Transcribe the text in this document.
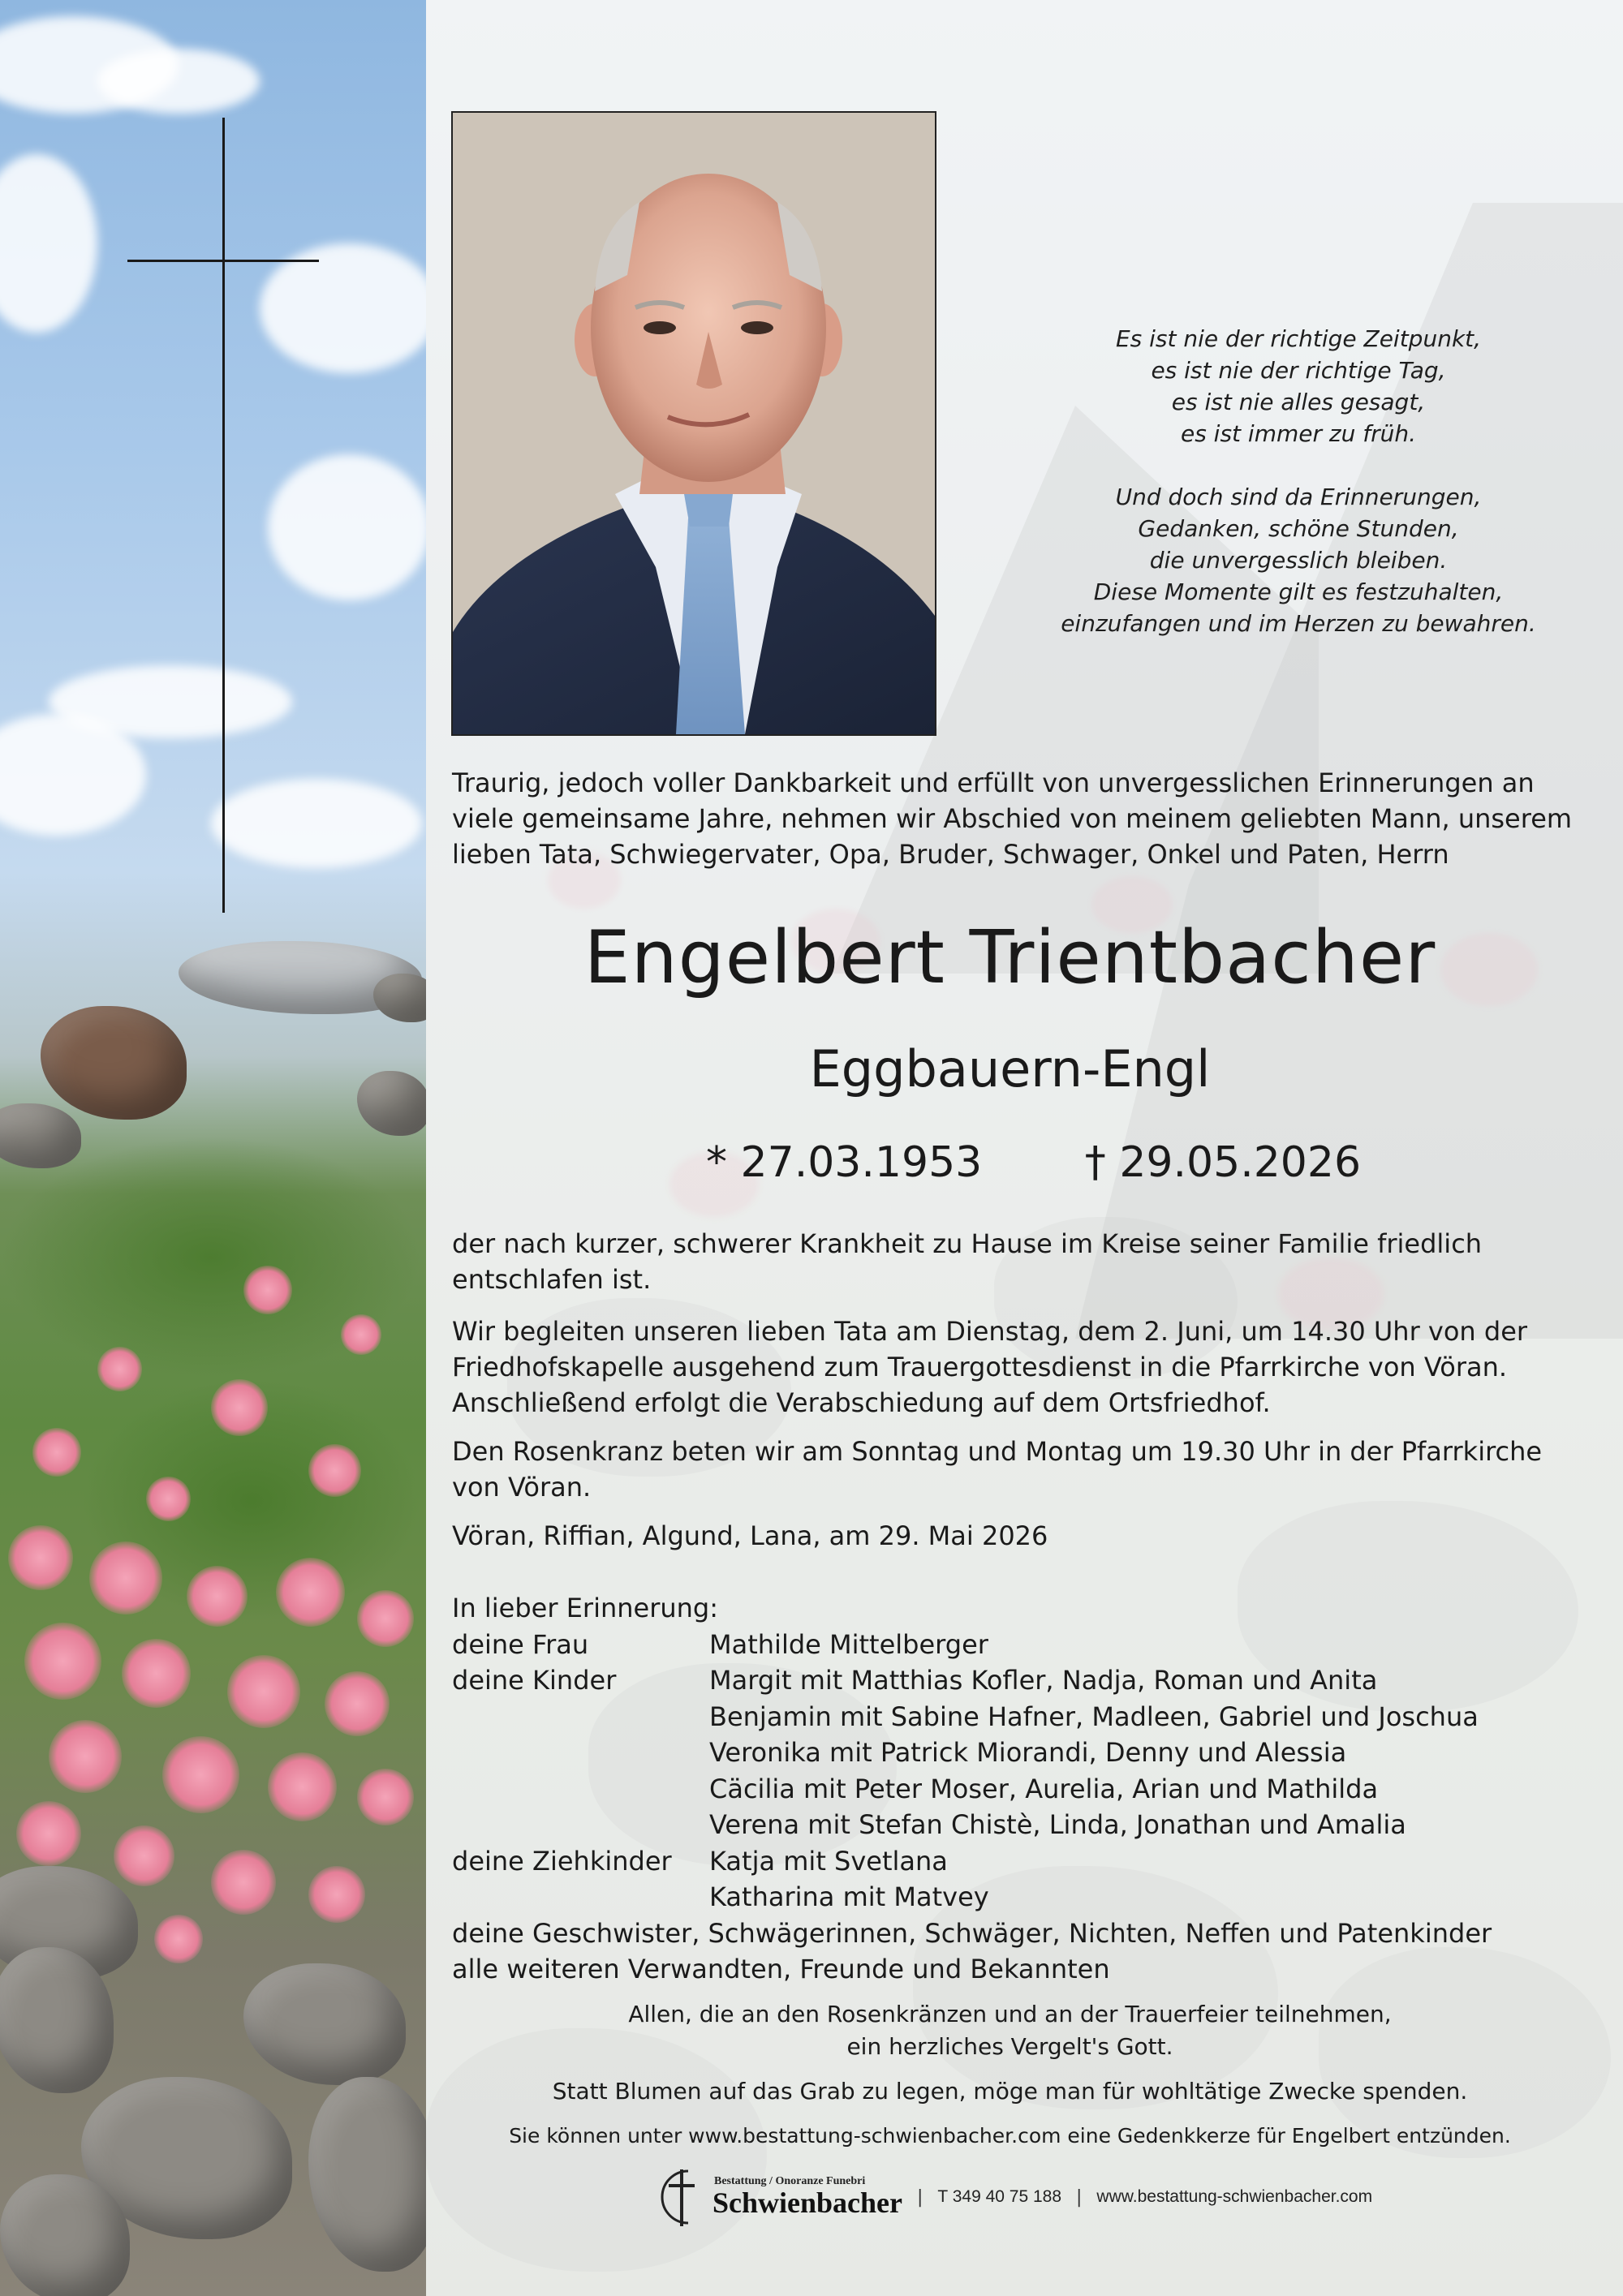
Es ist nie der richtige Zeitpunkt,
es ist nie der richtige Tag,
es ist nie alles gesagt,
es ist immer zu früh.
Und doch sind da Erinnerungen,
Gedanken, schöne Stunden,
die unvergesslich bleiben.
Diese Momente gilt es festzuhalten,
einzufangen und im Herzen zu bewahren.
Traurig, jedoch voller Dankbarkeit und erfüllt von unvergesslichen Erinnerungen an
viele gemeinsame Jahre, nehmen wir Abschied von meinem geliebten Mann, unserem
lieben Tata, Schwiegervater, Opa, Bruder, Schwager, Onkel und Paten, Herrn
Engelbert Trientbacher
Eggbauern-Engl
* 27.03.1953 † 29.05.2026
der nach kurzer, schwerer Krankheit zu Hause im Kreise seiner Familie friedlich
entschlafen ist.
Wir begleiten unseren lieben Tata am Dienstag, dem 2. Juni, um 14.30 Uhr von der
Friedhofskapelle ausgehend zum Trauergottesdienst in die Pfarrkirche von Vöran.
Anschließend erfolgt die Verabschiedung auf dem Ortsfriedhof.
Den Rosenkranz beten wir am Sonntag und Montag um 19.30 Uhr in der Pfarrkirche
von Vöran.
Vöran, Riffian, Algund, Lana, am 29. Mai 2026
In lieber Erinnerung:
deine Frau	Mathilde Mittelberger
deine Kinder	Margit mit Matthias Kofler, Nadja, Roman und Anita
Benjamin mit Sabine Hafner, Madleen, Gabriel und Joschua
Veronika mit Patrick Miorandi, Denny und Alessia
Cäcilia mit Peter Moser, Aurelia, Arian und Mathilda
Verena mit Stefan Chistè, Linda, Jonathan und Amalia
deine Ziehkinder	Katja mit Svetlana
Katharina mit Matvey
deine Geschwister, Schwägerinnen, Schwäger, Nichten, Neffen und Patenkinder
alle weiteren Verwandten, Freunde und Bekannten
Allen, die an den Rosenkränzen und an der Trauerfeier teilnehmen,
ein herzliches Vergelt's Gott.
Statt Blumen auf das Grab zu legen, möge man für wohltätige Zwecke spenden.
Sie können unter www.bestattung-schwienbacher.com eine Gedenkkerze für Engelbert entzünden.
Bestattung / Onoranze Funebri
Schwienbacher | T 349 40 75 188 | www.bestattung-schwienbacher.com
